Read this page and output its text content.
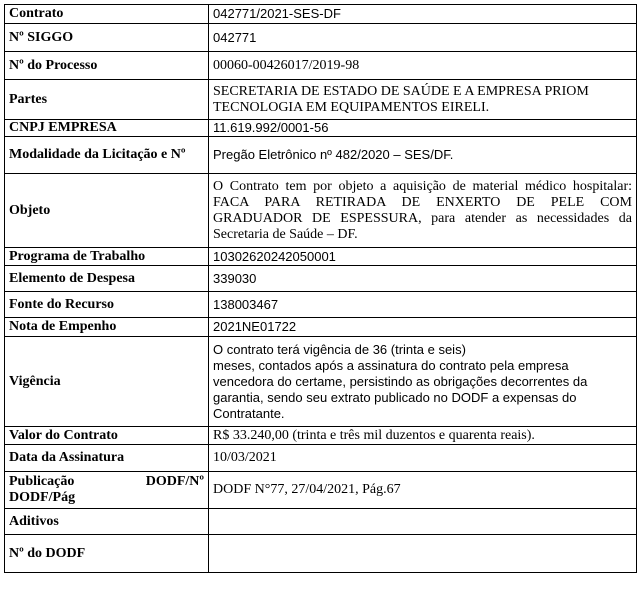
Contrato	042771/2021-SES-DF
Nº SIGGO	042771
Nº do Processo	00060-00426017/2019-98
Partes	SECRETARIA DE ESTADO DE SAÚDE E A EMPRESA PRIOM TECNOLOGIA EM EQUIPAMENTOS EIRELI.
CNPJ EMPRESA	11.619.992/0001-56
Modalidade da Licitação e Nº	Pregão Eletrônico nº 482/2020 – SES/DF.
Objeto	O Contrato tem por objeto a aquisição de material médico hospitalar: FACA PARA RETIRADA DE ENXERTO DE PELE COM GRADUADOR DE ESPESSURA, para atender as necessidades da Secretaria de Saúde – DF.
Programa de Trabalho	10302620242050001
Elemento de Despesa	339030
Fonte do Recurso	138003467
Nota de Empenho	2021NE01722
Vigência	O contrato terá vigência de 36 (trinta e seis)
meses, contados após a assinatura do contrato pela empresa vencedora do certame, persistindo as obrigações decorrentes da garantia, sendo seu extrato publicado no DODF a expensas do Contratante.

Valor do Contrato	R$ 33.240,00 (trinta e três mil duzentos e quarenta reais).
Data da Assinatura	10/03/2021

Publicação DODF/Nº
DODF/Pág	DODF N°77, 27/04/2021, Pág.67
Aditivos	
Nº do DODF	
